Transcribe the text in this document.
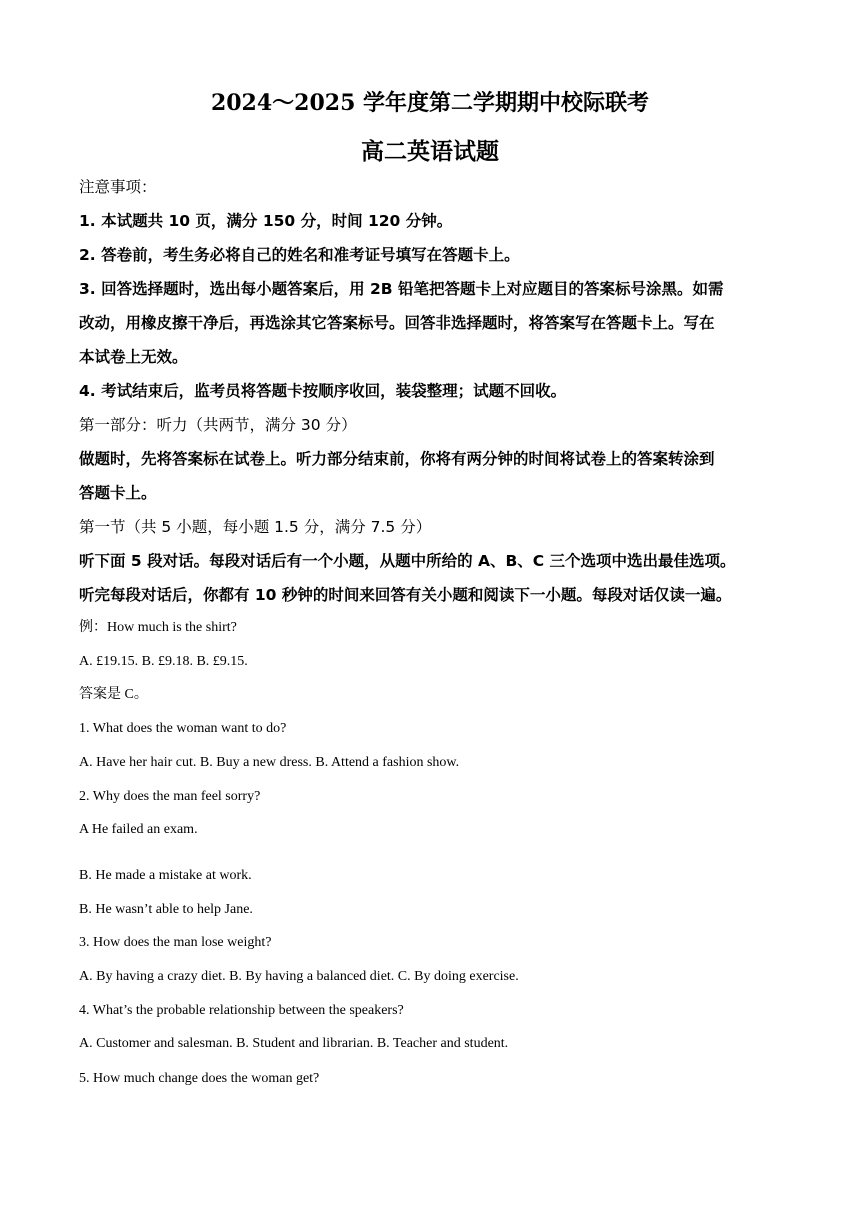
2024～2025 学年度第二学期期中校际联考
高二英语试题
注意事项：
1. 本试题共 10 页，满分 150 分，时间 120 分钟。
2. 答卷前，考生务必将自己的姓名和准考证号填写在答题卡上。
3. 回答选择题时，选出每小题答案后，用 2B 铅笔把答题卡上对应题目的答案标号涂黑。如需
改动，用橡皮擦干净后，再选涂其它答案标号。回答非选择题时，将答案写在答题卡上。写在
本试卷上无效。
4. 考试结束后，监考员将答题卡按顺序收回，装袋整理；试题不回收。
第一部分：听力（共两节，满分 30 分）
做题时，先将答案标在试卷上。听力部分结束前，你将有两分钟的时间将试卷上的答案转涂到
答题卡上。
第一节（共 5 小题，每小题 1.5 分，满分 7.5 分）
听下面 5 段对话。每段对话后有一个小题，从题中所给的 A、B、C 三个选项中选出最佳选项。
听完每段对话后，你都有 10 秒钟的时间来回答有关小题和阅读下一小题。每段对话仅读一遍。
例：How much is the shirt?
A. £19.15. B. £9.18. B. £9.15.
答案是 C。
1. What does the woman want to do?
A. Have her hair cut. B. Buy a new dress. B. Attend a fashion show.
2. Why does the man feel sorry?
A He failed an exam.
B. He made a mistake at work.
B. He wasn’t able to help Jane.
3. How does the man lose weight?
A. By having a crazy diet. B. By having a balanced diet. C. By doing exercise.
4. What’s the probable relationship between the speakers?
A. Customer and salesman. B. Student and librarian. B. Teacher and student.
5. How much change does the woman get?
